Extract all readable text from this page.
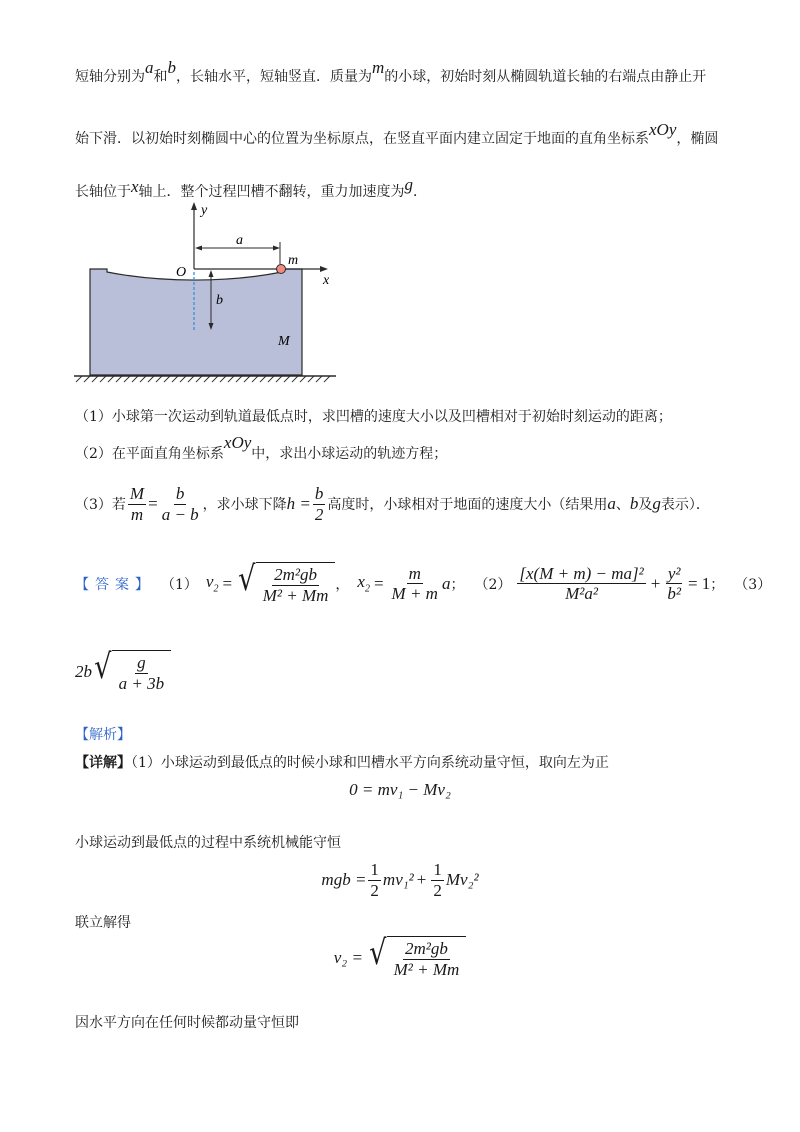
短轴分别为a和b，长轴水平，短轴竖直．质量为m的小球，初始时刻从椭圆轨道长轴的右端点由静止开
始下滑．以初始时刻椭圆中心的位置为坐标原点，在竖直平面内建立固定于地面的直角坐标系xOy，椭圆
长轴位于x轴上．整个过程凹槽不翻转，重力加速度为g．
y
x
O
a
b
m
M
（1）小球第一次运动到轨道最低点时，求凹槽的速度大小以及凹槽相对于初始时刻运动的距离；
（2）在平面直角坐标系xOy中，求出小球运动的轨迹方程；
（3）若 $\frac{M}{m} = \frac{b}{a - b}$ ，求小球下降 $h = \frac{b}{2}$ 高度时，小球相对于地面的速度大小（结果用 a 、 b 及 g 表示）．
【答案】 （1） $v_2$ = √ $\frac{\text{2m²gb}}{\text{M² + Mm}}$ ， $x_2 = \frac{m}{M + m}$ a ； $(2) \frac{\text{[x(M + m) − ma]²}}{\text{M²a²}} + \frac{\text{y²}}{\text{b²}} = 1$ ； （3）
2b √ $\frac{g}{a + 3b}$
【解析】
【详解】（1）小球运动到最低点的时候小球和凹槽水平方向系统动量守恒，取向左为正
0 = mv₁ − Mv₂
小球运动到最低点的过程中系统机械能守恒
mgb = $\frac{1}{2} mv_1^2 + \frac{1}{2} Mv_2^2$
联立解得
v₂ = √ $\frac{\text{2m²gb}}{\text{M² + Mm}}$
因水平方向在任何时候都动量守恒即
